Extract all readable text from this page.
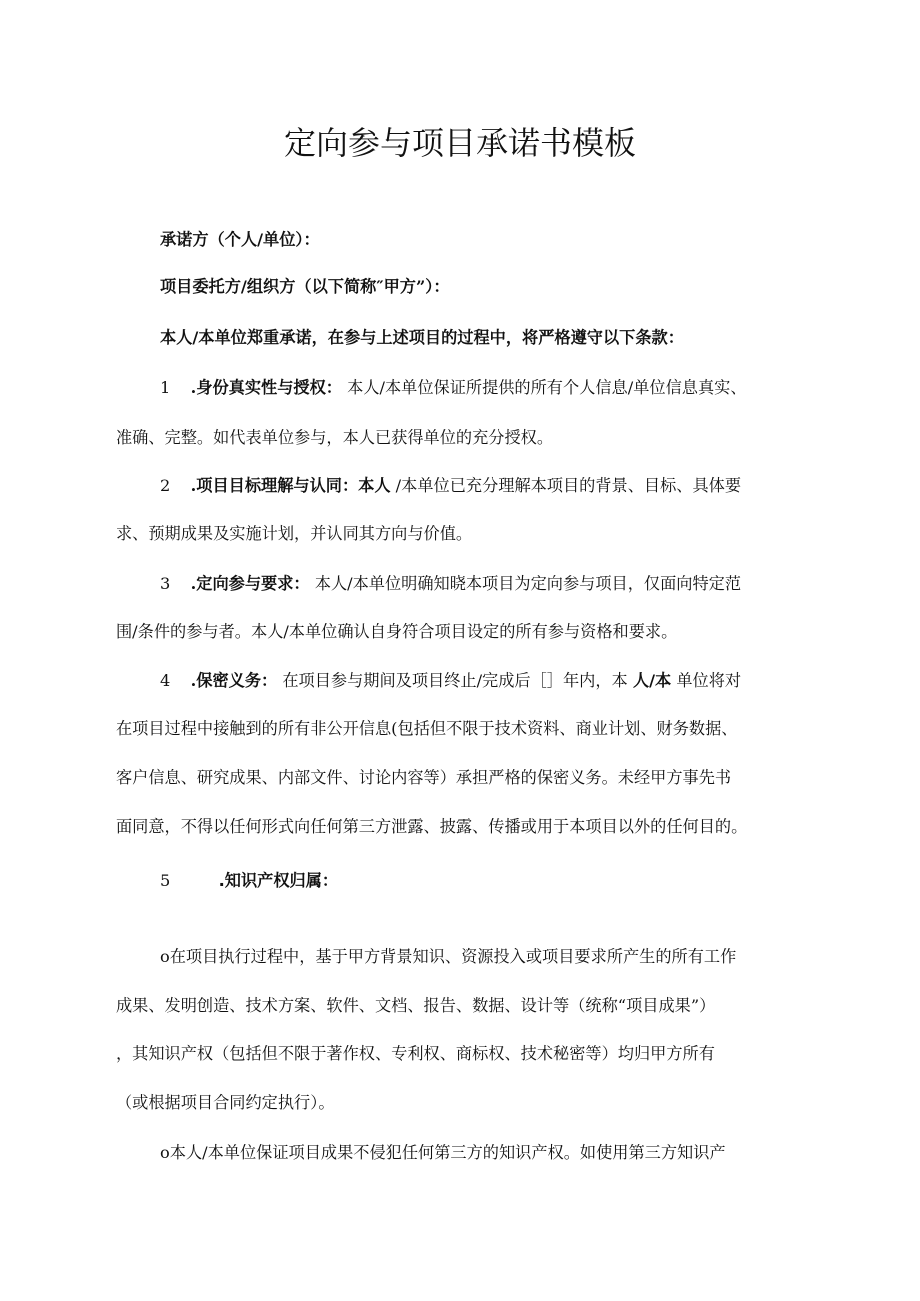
定向参与项目承诺书模板
承诺方（个人/单位）：
项目委托方/组织方（以下简称″甲方”）：
本人/本单位郑重承诺，在参与上述项目的过程中，将严格遵守以下条款：
1 .身份真实性与授权： 本人/本单位保证所提供的所有个人信息/单位信息真实、
准确、完整。如代表单位参与，本人已获得单位的充分授权。
2 .项目目标理解与认同：本人 /本单位已充分理解本项目的背景、目标、具体要
求、预期成果及实施计划，并认同其方向与价值。
3 .定向参与要求： 本人/本单位明确知晓本项目为定向参与项目，仅面向特定范
围/条件的参与者。本人/本单位确认自身符合项目设定的所有参与资格和要求。
4 .保密义务： 在项目参与期间及项目终止/完成后［］年内，本 人/本 单位将对
在项目过程中接触到的所有非公开信息(包括但不限于技术资料、商业计划、财务数据、
客户信息、研究成果、内部文件、讨论内容等）承担严格的保密义务。未经甲方事先书
面同意，不得以任何形式向任何第三方泄露、披露、传播或用于本项目以外的任何目的。
5	.知识产权归属：
o在项目执行过程中，基于甲方背景知识、资源投入或项目要求所产生的所有工作
成果、发明创造、技术方案、软件、文档、报告、数据、设计等（统称“项目成果”）
，其知识产权（包括但不限于著作权、专利权、商标权、技术秘密等）均归甲方所有
（或根据项目合同约定执行）。
o本人/本单位保证项目成果不侵犯任何第三方的知识产权。如使用第三方知识产
